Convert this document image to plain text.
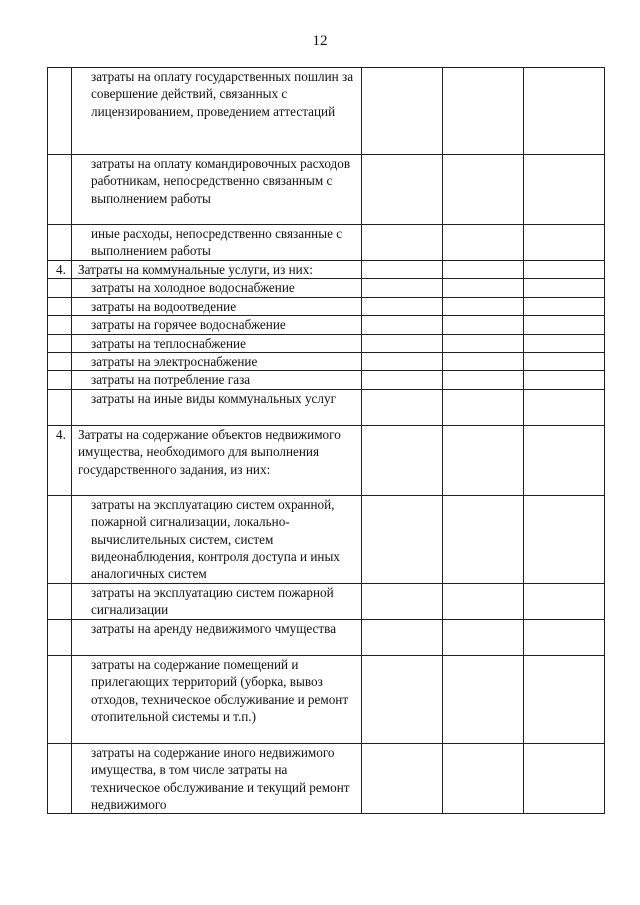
12

	затраты на оплату государственных пошлин за совершение действий, связанных с лицензированием, проведением аттестаций			

	затраты на оплату командировочных расходов работникам, непосредственно связанным с выполнением работы			

	иные расходы, непосредственно связанные с выполнением работы			

4.	Затраты на коммунальные услуги, из них:			

	затраты на холодное водоснабжение			

	затраты на водоотведение			

	затраты на горячее водоснабжение			

	затраты на теплоснабжение			

	затраты на электроснабжение			

	затраты на потребление газа			

	затраты на иные виды коммунальных услуг			

4.	Затраты на содержание объектов недвижимого имущества, необходимого для выполнения государственного задания, из них:			

	затраты на эксплуатацию систем охранной, пожарной сигнализации, локально-вычислительных систем, систем видеонаблюдения, контроля доступа и иных аналогичных систем			

	затраты на эксплуатацию систем пожарной сигнализации			

	затраты на аренду недвижимого чмущества			

	затраты на содержание помещений и прилегающих территорий (уборка, вывоз отходов, техническое обслуживание и ремонт отопительной системы и т.п.)			

	затраты на содержание иного недвижимого имущества, в том числе затраты на техническое обслуживание и текущий ремонт недвижимого			
